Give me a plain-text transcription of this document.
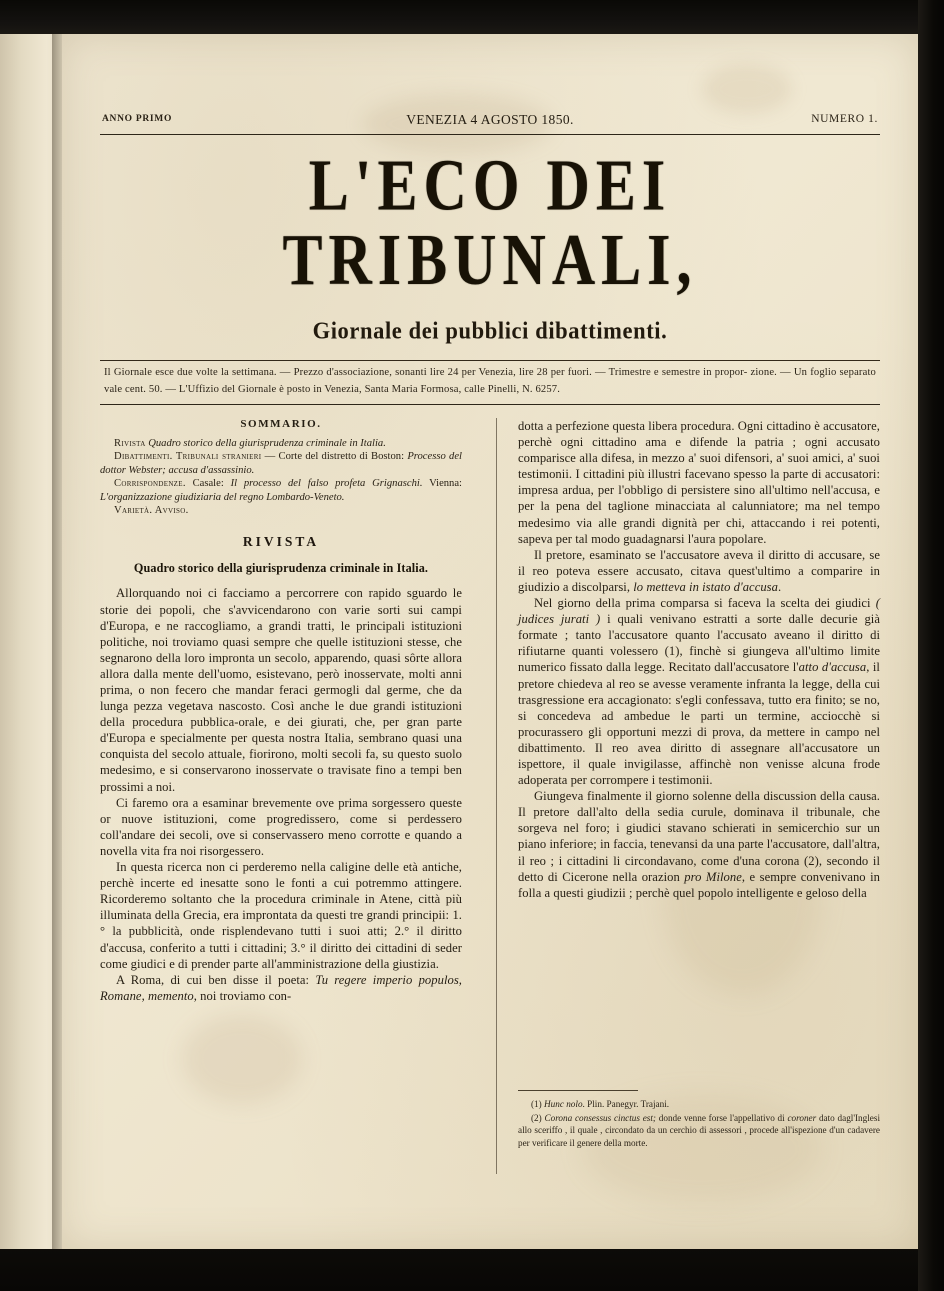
ANNO PRIMO	VENEZIA 4 AGOSTO 1850.	NUMERO 1.
L'ECO DEI TRIBUNALI,
Giornale dei pubblici dibattimenti.
Il Giornale esce due volte la settimana. — Prezzo d'associazione, sonanti lire 24 per Venezia, lire 28 per fuori. — Trimestre e semestre in propor- zione. — Un foglio separato vale cent. 50. — L'Uffizio del Giornale è posto in Venezia, Santa Maria Formosa, calle Pinelli, N. 6257.
SOMMARIO.

Rivista Quadro storico della giurisprudenza criminale in Italia.

Dibattimenti. Tribunali stranieri — Corte del distretto di Boston: Processo del dottor Webster; accusa d'assassinio.

Corrispondenze. Casale: Il processo del falso profeta Grignaschi. Vienna: L'organizzazione giudiziaria del regno Lombardo-Veneto.

Varietà. Avviso.

RIVISTA
Quadro storico della giurisprudenza criminale in Italia.

Allorquando noi ci facciamo a percorrere con rapido sguardo le storie dei popoli, che s'avvicendarono con varie sorti sui campi d'Europa, e ne raccogliamo, a grandi tratti, le principali istituzioni politiche, noi troviamo quasi sempre che quelle istituzioni stesse, che segnarono della loro impronta un secolo, apparendo, quasi sôrte allora allora dalla mente dell'uomo, esistevano, però inosservate, molti anni prima, o non fecero che mandar feraci germogli dal germe, che da lunga pezza vegetava nascosto. Così anche le due grandi istituzioni della procedura pubblica-orale, e dei giurati, che, per gran parte d'Europa e specialmente per questa nostra Italia, sembrano quasi una conquista del secolo attuale, fiorirono, molti secoli fa, su questo suolo medesimo, e si conservarono inosservate o travisate fino a tempi ben prossimi a noi.

Ci faremo ora a esaminar brevemente ove prima sorgessero queste or nuove istituzioni, come progredissero, come si perdessero coll'andare dei secoli, ove si conservassero meno corrotte e quando a novella vita fra noi risorgessero.

In questa ricerca non ci perderemo nella caligine delle età antiche, perchè incerte ed inesatte sono le fonti a cui potremmo attingere. Ricorderemo soltanto che la procedura criminale in Atene, città più illuminata della Grecia, era improntata da questi tre grandi principii: 1.° la pubblicità, onde risplendevano tutti i suoi atti; 2.° il diritto d'accusa, conferito a tutti i cittadini; 3.° il diritto dei cittadini di seder come giudici e di prender parte all'amministrazione della giustizia.

A Roma, di cui ben disse il poeta: Tu regere imperio populos, Romane, memento, noi troviamo con-

dotta a perfezione questa libera procedura. Ogni cittadino è accusatore, perchè ogni cittadino ama e difende la patria ; ogni accusato comparisce alla difesa, in mezzo a' suoi difensori, a' suoi amici, a' suoi testimonii. I cittadini più illustri facevano spesso la parte di accusatori: impresa ardua, per l'obbligo di persistere sino all'ultimo nell'accusa, e per la pena del taglione minacciata al calunniatore; ma nel tempo medesimo via alle grandi dignità per chi, attaccando i rei potenti, sapeva per tal modo guadagnarsi l'aura popolare.

Il pretore, esaminato se l'accusatore aveva il diritto di accusare, se il reo poteva essere accusato, citava quest'ultimo a comparire in giudizio a discolparsi, lo metteva in istato d'accusa.

Nel giorno della prima comparsa si faceva la scelta dei giudici ( judices jurati ) i quali venivano estratti a sorte dalle decurie già formate ; tanto l'accusatore quanto l'accusato aveano il diritto di rifiutarne quanti volessero (1), finchè si giungeva all'ultimo limite numerico fissato dalla legge. Recitato dall'accusatore l'atto d'accusa, il pretore chiedeva al reo se avesse veramente infranta la legge, della cui trasgressione era accagionato: s'egli confessava, tutto era finito; se no, si concedeva ad ambedue le parti un termine, acciocchè si procurassero gli opportuni mezzi di prova, da mettere in campo nel dibattimento. Il reo avea diritto di assegnare all'accusatore un ispettore, il quale invigilasse, affinchè non venisse alcuna frode adoperata per corrompere i testimonii.

Giungeva finalmente il giorno solenne della discussion della causa. Il pretore dall'alto della sedia curule, dominava il tribunale, che sorgeva nel foro; i giudici stavano schierati in semicerchio sur un piano inferiore; in faccia, tenevansi da una parte l'accusatore, dall'altra, il reo ; i cittadini li circondavano, come d'una corona (2), secondo il detto di Cicerone nella orazion pro Milone, e sempre convenivano in folla a questi giudizii ; perchè quel popolo intelligente e geloso della

(1) Hunc nolo. Plin. Panegyr. Trajani.

(2) Corona consessus cinctus est; donde venne forse l'appellativo di coroner dato dagl'Inglesi allo sceriffo , il quale , circondato da un cerchio di assessori , procede all'ispezione d'un cadavere per verificare il genere della morte.
